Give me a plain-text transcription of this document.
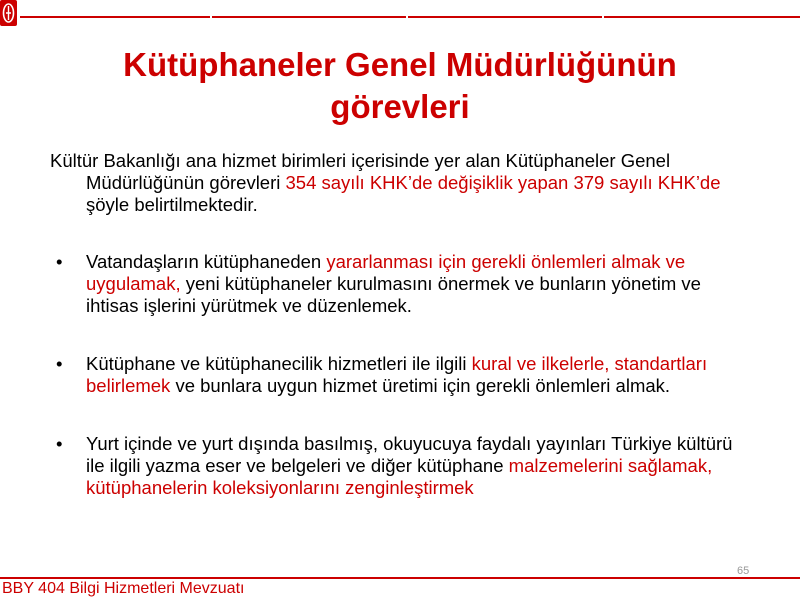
Kütüphaneler Genel Müdürlüğünün
görevleri

Kültür Bakanlığı ana hizmet birimleri içerisinde yer alan Kütüphaneler Genel Müdürlüğünün görevleri 354 sayılı KHK’de değişiklik yapan 379 sayılı KHK’de şöyle belirtilmektedir.

• Vatandaşların kütüphaneden yararlanması için gerekli önlemleri almak ve uygulamak, yeni kütüphaneler kurulmasını önermek ve bunların yönetim ve ihtisas işlerini yürütmek ve düzenlemek.
• Kütüphane ve kütüphanecilik hizmetleri ile ilgili kural ve ilkelerle, standartları belirlemek ve bunlara uygun hizmet üretimi için gerekli önlemleri almak.
• Yurt içinde ve yurt dışında basılmış, okuyucuya faydalı yayınları Türkiye kültürü ile ilgili yazma eser ve belgeleri ve diğer kütüphane malzemelerini sağlamak, kütüphanelerin koleksiyonlarını zenginleştirmek
65
BBY 404 Bilgi Hizmetleri Mevzuatı
